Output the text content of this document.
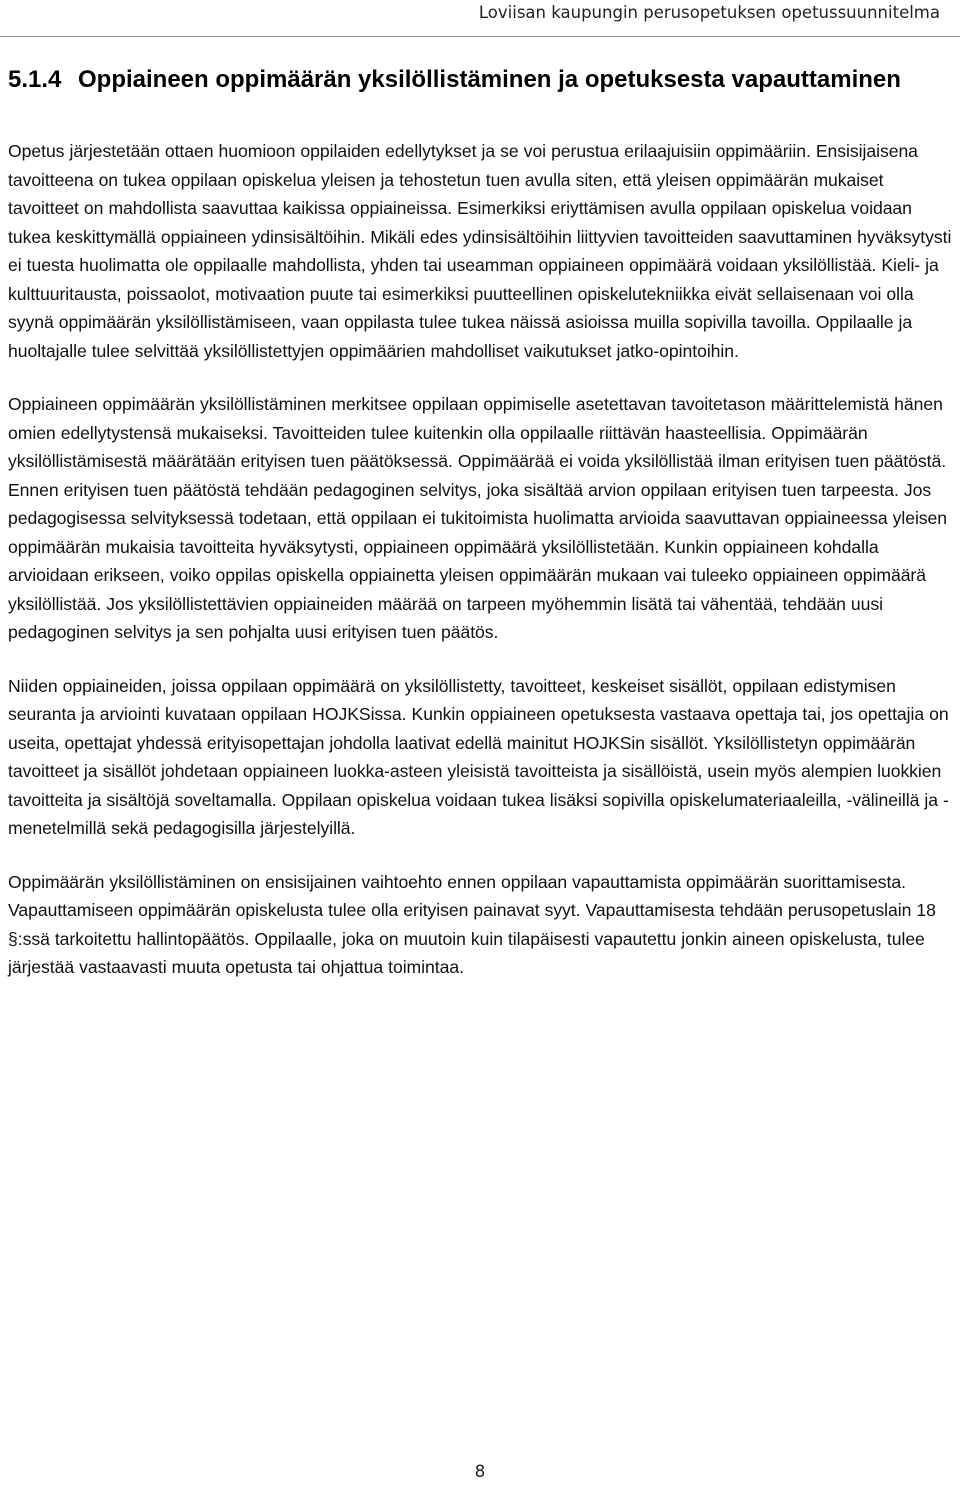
Loviisan kaupungin perusopetuksen opetussuunnitelma
5.1.4 Oppiaineen oppimäärän yksilöllistäminen ja opetuksesta vapauttaminen

Opetus järjestetään ottaen huomioon oppilaiden edellytykset ja se voi perustua erilaajuisiin oppimääriin. Ensisijaisena tavoitteena on tukea oppilaan opiskelua yleisen ja tehostetun tuen avulla siten, että yleisen oppimäärän mukaiset tavoitteet on mahdollista saavuttaa kaikissa oppiaineissa. Esimerkiksi eriyttämisen avulla oppilaan opiskelua voidaan tukea keskittymällä oppiaineen ydinsisältöihin. Mikäli edes ydinsisältöihin liittyvien tavoitteiden saavuttaminen hyväksytysti ei tuesta huolimatta ole oppilaalle mahdollista, yhden tai useamman oppiaineen oppimäärä voidaan yksilöllistää. Kieli- ja kulttuuritausta, poissaolot, motivaation puute tai esimerkiksi puutteellinen opiskelutekniikka eivät sellaisenaan voi olla syynä oppimäärän yksilöllistämiseen, vaan oppilasta tulee tukea näissä asioissa muilla sopivilla tavoilla. Oppilaalle ja huoltajalle tulee selvittää yksilöllistettyjen oppimäärien mahdolliset vaikutukset jatko-opintoihin.

Oppiaineen oppimäärän yksilöllistäminen merkitsee oppilaan oppimiselle asetettavan tavoitetason määrittelemistä hänen omien edellytystensä mukaiseksi. Tavoitteiden tulee kuitenkin olla oppilaalle riittävän haasteellisia. Oppimäärän yksilöllistämisestä määrätään erityisen tuen päätöksessä. Oppimäärää ei voida yksilöllistää ilman erityisen tuen päätöstä. Ennen erityisen tuen päätöstä tehdään pedagoginen selvitys, joka sisältää arvion oppilaan erityisen tuen tarpeesta. Jos pedagogisessa selvityksessä todetaan, että oppilaan ei tukitoimista huolimatta arvioida saavuttavan oppiaineessa yleisen oppimäärän mukaisia tavoitteita hyväksytysti, oppiaineen oppimäärä yksilöllistetään. Kunkin oppiaineen kohdalla arvioidaan erikseen, voiko oppilas opiskella oppiainetta yleisen oppimäärän mukaan vai tuleeko oppiaineen oppimäärä yksilöllistää. Jos yksilöllistettävien oppiaineiden määrää on tarpeen myöhemmin lisätä tai vähentää, tehdään uusi pedagoginen selvitys ja sen pohjalta uusi erityisen tuen päätös.

Niiden oppiaineiden, joissa oppilaan oppimäärä on yksilöllistetty, tavoitteet, keskeiset sisällöt, oppilaan edistymisen seuranta ja arviointi kuvataan oppilaan HOJKSissa. Kunkin oppiaineen opetuksesta vastaava opettaja tai, jos opettajia on useita, opettajat yhdessä erityisopettajan johdolla laativat edellä mainitut HOJKSin sisällöt. Yksilöllistetyn oppimäärän tavoitteet ja sisällöt johdetaan oppiaineen luokka-asteen yleisistä tavoitteista ja sisällöistä, usein myös alempien luokkien tavoitteita ja sisältöjä soveltamalla. Oppilaan opiskelua voidaan tukea lisäksi sopivilla opiskelumateriaaleilla, -välineillä ja -menetelmillä sekä pedagogisilla järjestelyillä.

Oppimäärän yksilöllistäminen on ensisijainen vaihtoehto ennen oppilaan vapauttamista oppimäärän suorittamisesta. Vapauttamiseen oppimäärän opiskelusta tulee olla erityisen painavat syyt. Vapauttamisesta tehdään perusopetuslain 18 §:ssä tarkoitettu hallintopäätös. Oppilaalle, joka on muutoin kuin tilapäisesti vapautettu jonkin aineen opiskelusta, tulee järjestää vastaavasti muuta opetusta tai ohjattua toimintaa.

8
